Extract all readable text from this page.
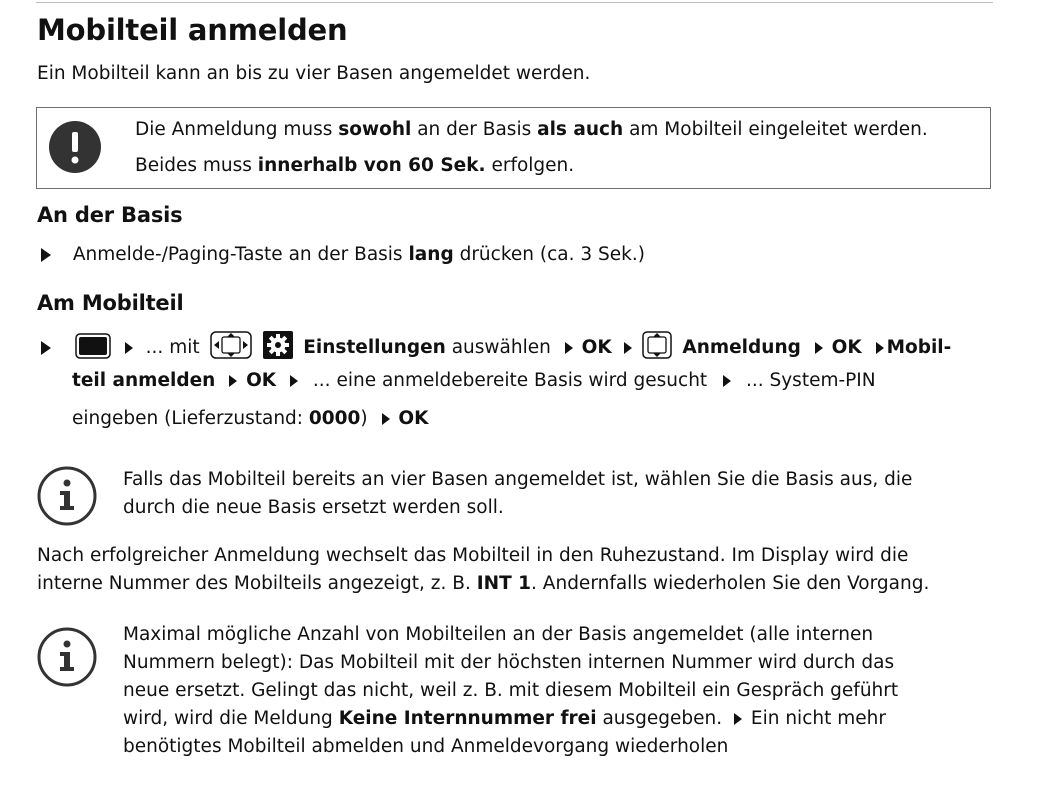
Mobilteil anmelden
Ein Mobilteil kann an bis zu vier Basen angemeldet werden.
Die Anmeldung muss sowohl an der Basis als auch am Mobilteil eingeleitet werden.
Beides muss innerhalb von 60 Sek. erfolgen.
An der Basis
Anmelde-/Paging-Taste an der Basis lang drücken (ca. 3 Sek.)
Am Mobilteil
... mit	Einstellungen auswählen OK	Anmeldung OK Mobil-
teil anmelden OK ... eine anmeldebereite Basis wird gesucht ... System-PIN
eingeben (Lieferzustand: 0000) OK
Falls das Mobilteil bereits an vier Basen angemeldet ist, wählen Sie die Basis aus, die
durch die neue Basis ersetzt werden soll.
Nach erfolgreicher Anmeldung wechselt das Mobilteil in den Ruhezustand. Im Display wird die
interne Nummer des Mobilteils angezeigt, z. B. INT 1. Andernfalls wiederholen Sie den Vorgang.
Maximal mögliche Anzahl von Mobilteilen an der Basis angemeldet (alle internen
Nummern belegt): Das Mobilteil mit der höchsten internen Nummer wird durch das
neue ersetzt. Gelingt das nicht, weil z. B. mit diesem Mobilteil ein Gespräch geführt
wird, wird die Meldung Keine Internnummer frei ausgegeben.  Ein nicht mehr
benötigtes Mobilteil abmelden und Anmeldevorgang wiederholen
